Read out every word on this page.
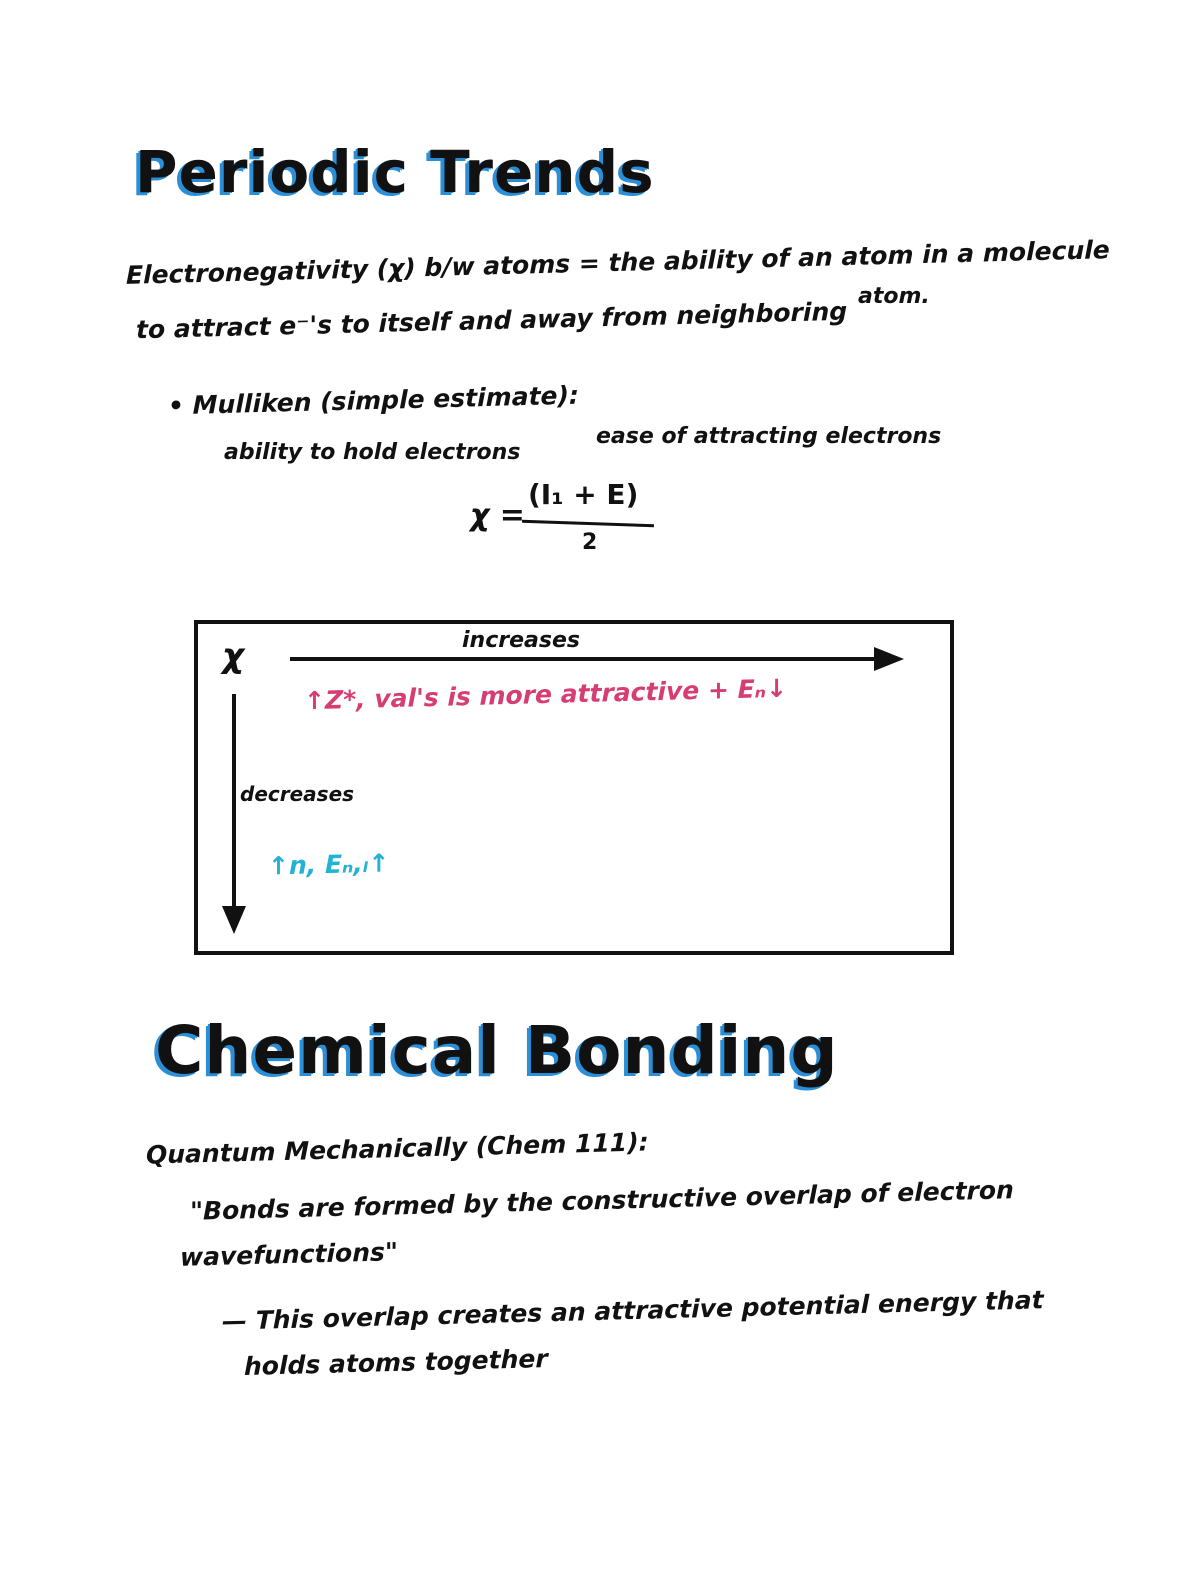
Periodic Trends
Electronegativity (χ) b/w atoms = the ability of an atom in a molecule
to attract e⁻'s to itself and away from neighboring
atom.
• Mulliken (simple estimate):
ability to hold electrons
ease of attracting electrons
χ =
(I₁ + E)
2
χ	increases
↑Z*, val's is more attractive + Eₙ↓
decreases
↑n, Eₙ,ₗ↑
Chemical Bonding
Quantum Mechanically (Chem 111):
"Bonds are formed by the constructive overlap of electron
wavefunctions"
— This overlap creates an attractive potential energy that
holds atoms together
